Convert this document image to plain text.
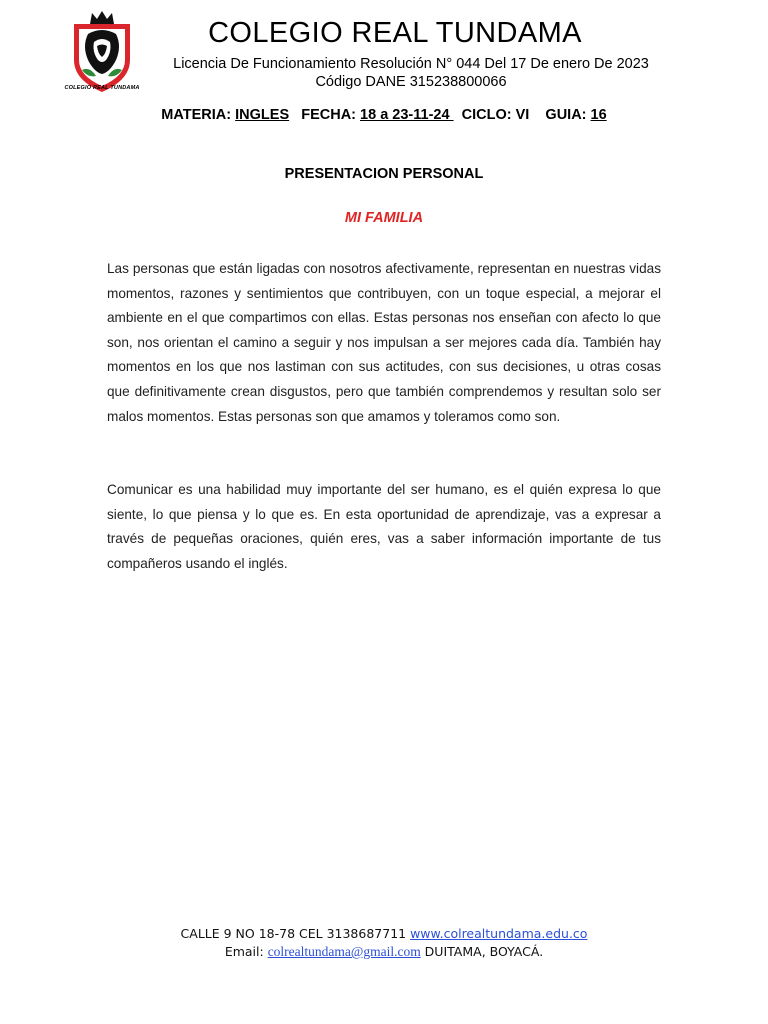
COLEGIO REAL TUNDAMA
COLEGIO REAL TUNDAMA
Licencia De Funcionamiento Resolución N° 044 Del 17 De enero De 2023
Código DANE 315238800066
MATERIA: INGLES FECHA: 18 a 23-11-24   CICLO: VI GUIA: 16
PRESENTACION PERSONAL
MI FAMILIA

Las personas que están ligadas con nosotros afectivamente, representan en nuestras vidas momentos, razones y sentimientos que contribuyen, con un toque especial, a mejorar el ambiente en el que compartimos con ellas. Estas personas nos enseñan con afecto lo que son, nos orientan el camino a seguir y nos impulsan a ser mejores cada día. También hay momentos en los que nos lastiman con sus actitudes, con sus decisiones, u otras cosas que definitivamente crean disgustos, pero que también comprendemos y resultan solo ser malos momentos. Estas personas son que amamos y toleramos como son.

Comunicar es una habilidad muy importante del ser humano, es el quién expresa lo que siente, lo que piensa y lo que es. En esta oportunidad de aprendizaje, vas a expresar a través de pequeñas oraciones, quién eres, vas a saber información importante de tus compañeros usando el inglés.

CALLE 9 NO 18-78 CEL 3138687711 www.colrealtundama.edu.co
Email: colrealtundama@gmail.com DUITAMA, BOYACÁ.
